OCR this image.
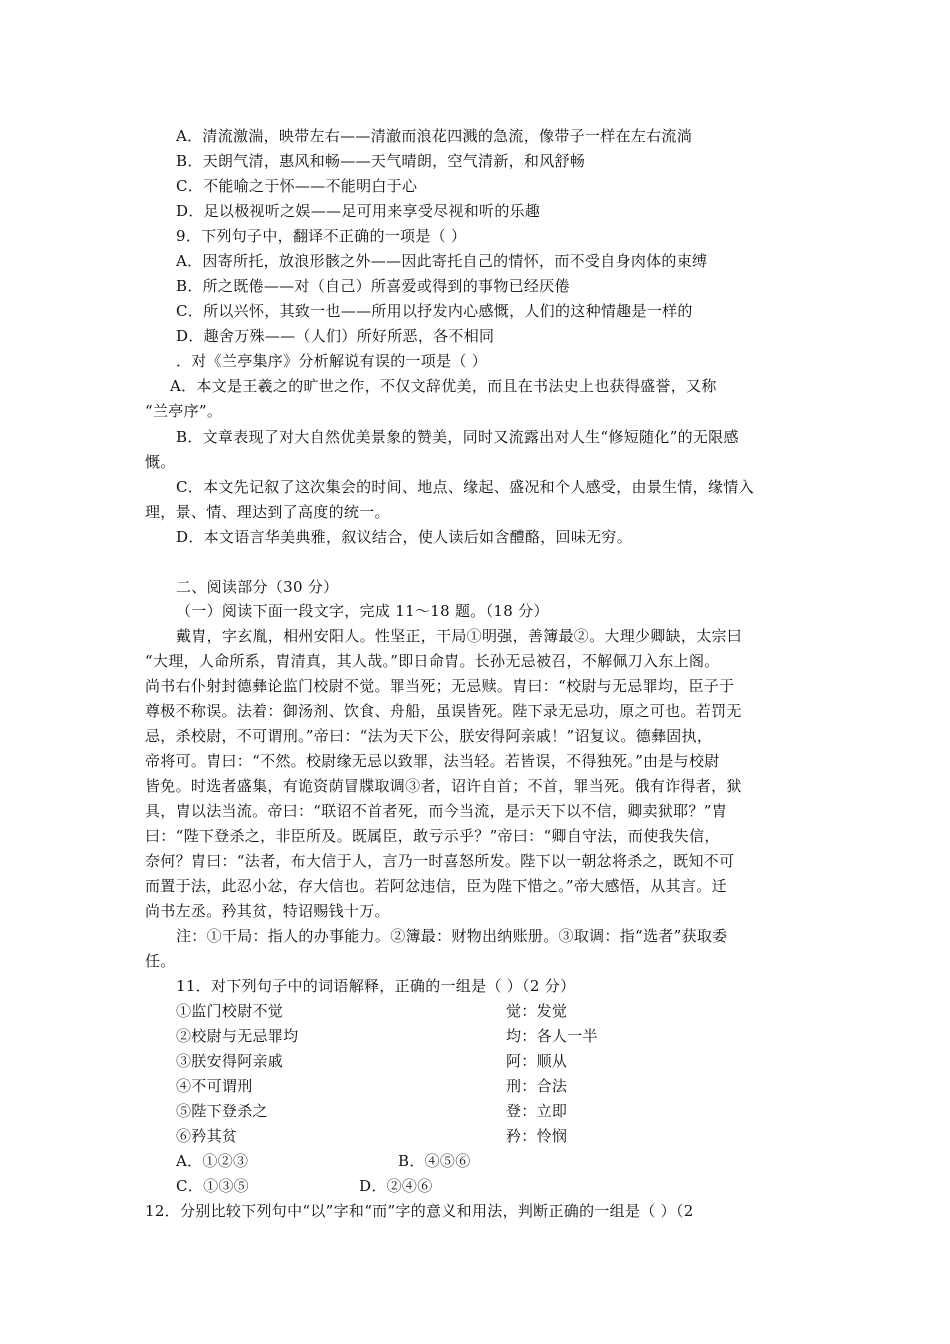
A．清流激湍，映带左右——清澈而浪花四溅的急流，像带子一样在左右流淌
B．天朗气清，惠风和畅——天气晴朗，空气清新，和风舒畅
C．不能喻之于怀——不能明白于心
D．足以极视听之娱——足可用来享受尽视和听的乐趣
9．下列句子中，翻译不正确的一项是（ ）
A．因寄所托，放浪形骸之外——因此寄托自己的情怀，而不受自身肉体的束缚
B．所之既倦——对（自己）所喜爱或得到的事物已经厌倦
C．所以兴怀，其致一也——所用以抒发内心感慨，人们的这种情趣是一样的
D．趣舍万殊——（人们）所好所恶，各不相同
．对《兰亭集序》分析解说有误的一项是（ ）
A．本文是王羲之的旷世之作，不仅文辞优美，而且在书法史上也获得盛誉，又称
“兰亭序”。
B．文章表现了对大自然优美景象的赞美，同时又流露出对人生“修短随化”的无限感
慨。
C．本文先记叙了这次集会的时间、地点、缘起、盛况和个人感受，由景生情，缘情入
理，景、情、理达到了高度的统一。
D．本文语言华美典雅，叙议结合，使人读后如含醴酪，回味无穷。
二、阅读部分（30 分）
（一）阅读下面一段文字，完成 11～18 题。（18 分）
戴胄，字玄胤，相州安阳人。性坚正，干局①明强，善簿最②。大理少卿缺，太宗曰
“大理，人命所系，胄清真，其人哉。”即日命胄。长孙无忌被召，不解佩刀入东上阁。
尚书右仆射封德彝论监门校尉不觉。罪当死；无忌赎。胄曰：“校尉与无忌罪均，臣子于
尊极不称误。法着：御汤剂、饮食、舟船，虽误皆死。陛下录无忌功，原之可也。若罚无
忌，杀校尉，不可谓刑。”帝曰：“法为天下公，朕安得阿亲戚！”诏复议。德彝固执，
帝将可。胄曰：“不然。校尉缘无忌以致罪，法当轻。若皆误，不得独死。”由是与校尉
皆免。时选者盛集，有诡资荫冒牒取调③者，诏许自首；不首，罪当死。俄有诈得者，狱
具，胄以法当流。帝曰：“联诏不首者死，而今当流，是示天下以不信，卿卖狱耶？”胄
曰：“陛下登杀之，非臣所及。既属臣，敢亏示乎？”帝曰：“卿自守法，而使我失信，
奈何？胄曰：“法者，布大信于人，言乃一时喜怒所发。陛下以一朝忿将杀之，既知不可
而置于法，此忍小忿，存大信也。若阿忿违信，臣为陛下惜之。”帝大感悟，从其言。迁
尚书左丞。矜其贫，特诏赐钱十万。
注：①干局：指人的办事能力。②簿最：财物出纳账册。③取调：指“选者”获取委
任。
11．对下列句子中的词语解释，正确的一组是（ ）（2 分）
①监门校尉不觉	觉：发觉
②校尉与无忌罪均	均：各人一半
③朕安得阿亲戚	阿：顺从
④不可谓刑	刑：合法
⑤陛下登杀之	登：立即
⑥矜其贫	矜：怜悯
A．①②③	B．④⑤⑥
C．①③⑤	D．②④⑥
12．分别比较下列句中“以”字和“而”字的意义和用法，判断正确的一组是（ ）（2
